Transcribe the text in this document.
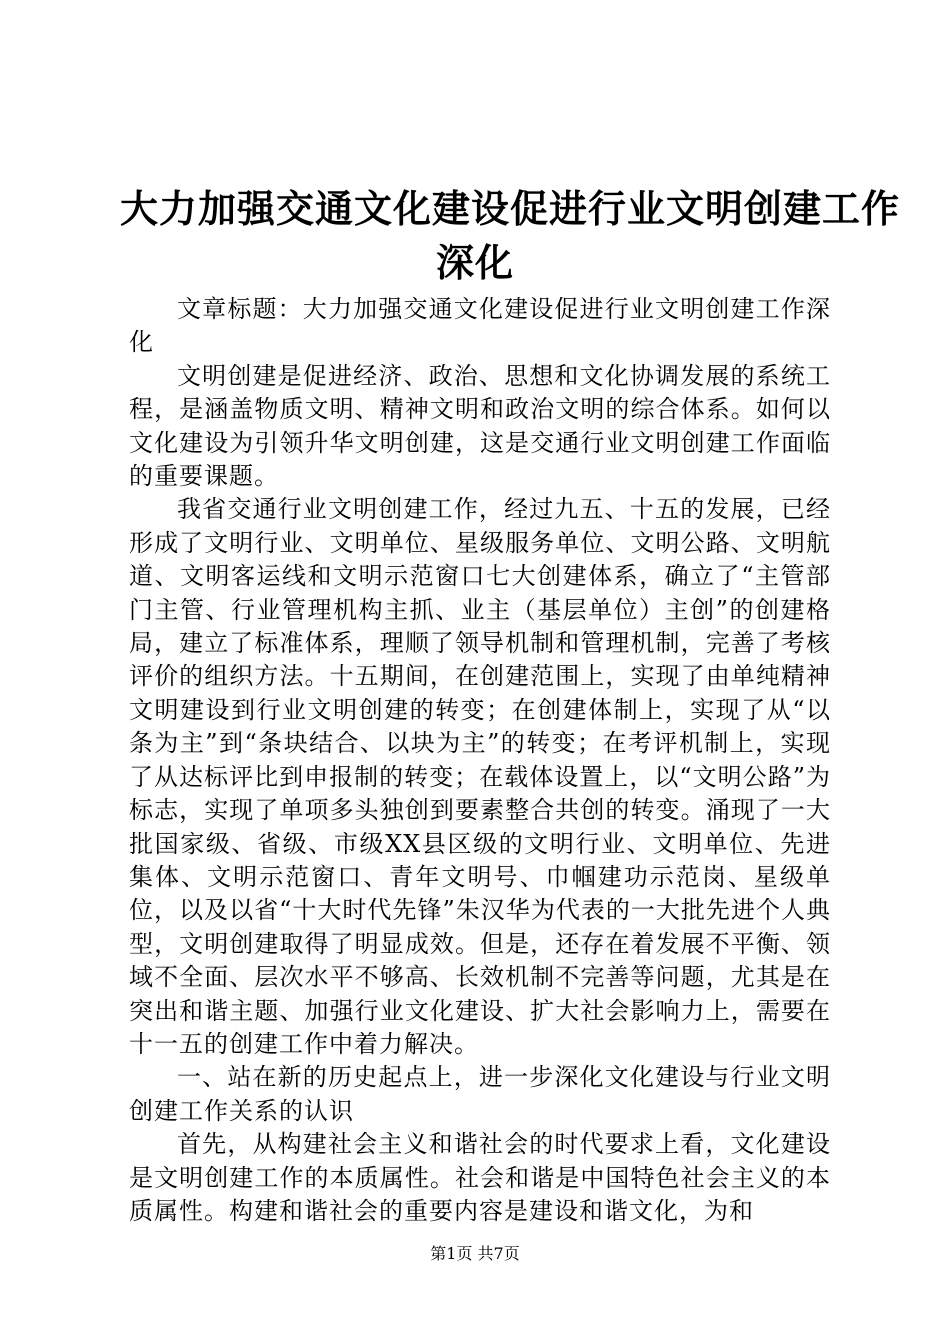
大力加强交通文化建设促进行业文明创建工作
深化

文章标题：大力加强交通文化建设促进行业文明创建工作深化

文明创建是促进经济、政治、思想和文化协调发展的系统工程，是涵盖物质文明、精神文明和政治文明的综合体系。如何以文化建设为引领升华文明创建，这是交通行业文明创建工作面临的重要课题。

我省交通行业文明创建工作，经过九五、十五的发展，已经形成了文明行业、文明单位、星级服务单位、文明公路、文明航道、文明客运线和文明示范窗口七大创建体系，确立了“主管部门主管、行业管理机构主抓、业主（基层单位）主创”的创建格局，建立了标准体系，理顺了领导机制和管理机制，完善了考核评价的组织方法。十五期间，在创建范围上，实现了由单纯精神文明建设到行业文明创建的转变；在创建体制上，实现了从“以条为主”到“条块结合、以块为主”的转变；在考评机制上，实现了从达标评比到申报制的转变；在载体设置上，以“文明公路”为标志，实现了单项多头独创到要素整合共创的转变。涌现了一大批国家级、省级、市级XX县区级的文明行业、文明单位、先进集体、文明示范窗口、青年文明号、巾帼建功示范岗、星级单位，以及以省“十大时代先锋”朱汉华为代表的一大批先进个人典型，文明创建取得了明显成效。但是，还存在着发展不平衡、领域不全面、层次水平不够高、长效机制不完善等问题，尤其是在突出和谐主题、加强行业文化建设、扩大社会影响力上，需要在十一五的创建工作中着力解决。

一、站在新的历史起点上，进一步深化文化建设与行业文明创建工作关系的认识

首先，从构建社会主义和谐社会的时代要求上看，文化建设是文明创建工作的本质属性。社会和谐是中国特色社会主义的本质属性。构建和谐社会的重要内容是建设和谐文化，为和

第1页 共7页
